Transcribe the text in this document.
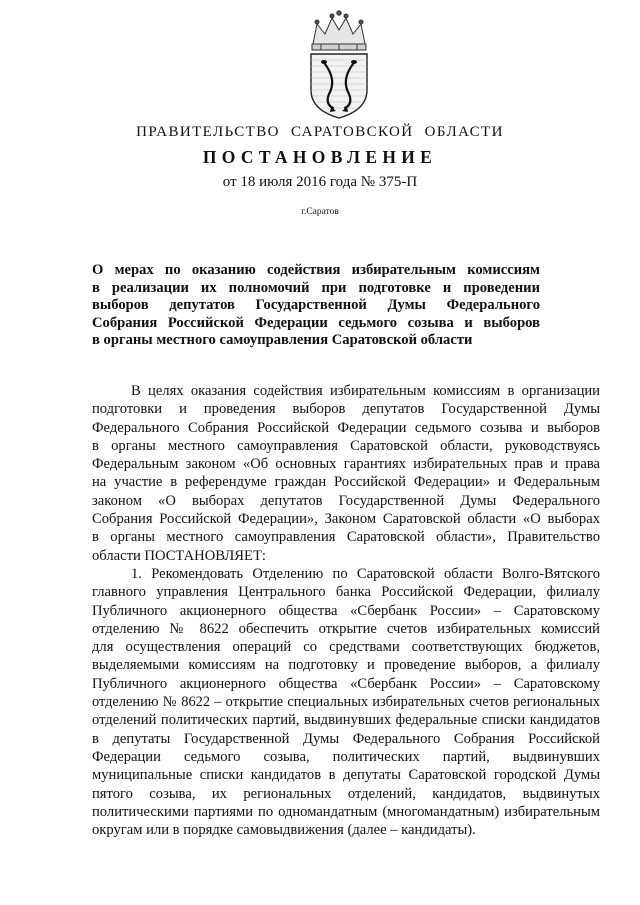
ПРАВИТЕЛЬСТВО САРАТОВСКОЙ ОБЛАСТИ
ПОСТАНОВЛЕНИЕ
от 18 июля 2016 года № 375-П
г.Саратов
О мерах по оказанию содействия избирательным комиссиям
в реализации их полномочий при подготовке и проведении
выборов депутатов Государственной Думы Федерального
Собрания Российской Федерации седьмого созыва и выборов
в органы местного самоуправления Саратовской области
В целях оказания содействия избирательным комиссиям в организации
подготовки и проведения выборов депутатов Государственной Думы
Федерального Собрания Российской Федерации седьмого созыва и выборов
в органы местного самоуправления Саратовской области, руководствуясь
Федеральным законом «Об основных гарантиях избирательных прав и права
на участие в референдуме граждан Российской Федерации» и Федеральным
законом «О выборах депутатов Государственной Думы Федерального
Собрания Российской Федерации», Законом Саратовской области «О выборах
в органы местного самоуправления Саратовской области», Правительство
области ПОСТАНОВЛЯЕТ:
1. Рекомендовать Отделению по Саратовской области Волго-Вятского
главного управления Центрального банка Российской Федерации, филиалу
Публичного акционерного общества «Сбербанк России» – Саратовскому
отделению № 8622 обеспечить открытие счетов избирательных комиссий
для осуществления операций со средствами соответствующих бюджетов,
выделяемыми комиссиям на подготовку и проведение выборов, а филиалу
Публичного акционерного общества «Сбербанк России» – Саратовскому
отделению № 8622 – открытие специальных избирательных счетов региональных
отделений политических партий, выдвинувших федеральные списки кандидатов
в депутаты Государственной Думы Федерального Собрания Российской
Федерации седьмого созыва, политических партий, выдвинувших
муниципальные списки кандидатов в депутаты Саратовской городской Думы
пятого созыва, их региональных отделений, кандидатов, выдвинутых
политическими партиями по одномандатным (многомандатным) избирательным
округам или в порядке самовыдвижения (далее – кандидаты).
